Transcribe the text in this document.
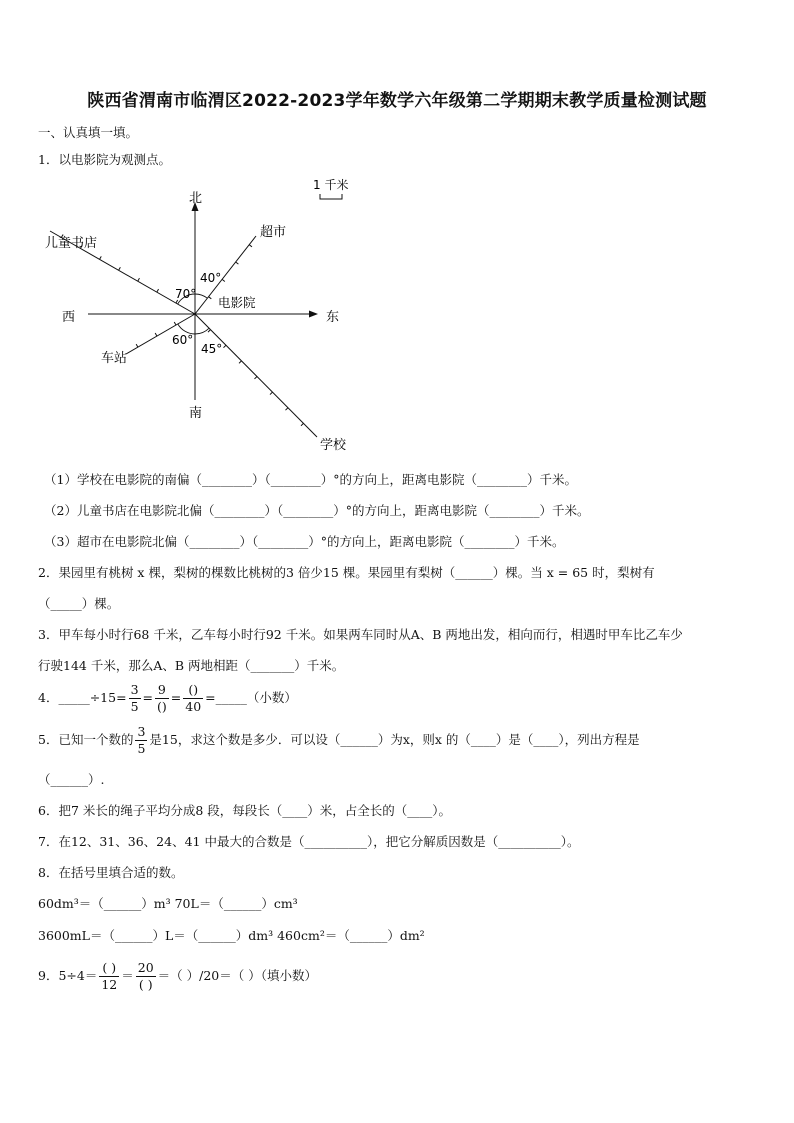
陕西省渭南市临渭区2022-2023学年数学六年级第二学期期末教学质量检测试题
一、认真填一填。
1．以电影院为观测点。
北
南
西	东
电影院
1 千米
超市
儿童书店
车站
学校
40°
70°
60°
45°
（1）学校在电影院的南偏（________）（________）°的方向上，距离电影院（________）千米。
（2）儿童书店在电影院北偏（________）（________）°的方向上，距离电影院（________）千米。
（3）超市在电影院北偏（________）（________）°的方向上，距离电影院（________）千米。
2．果园里有桃树 x 棵，梨树的棵数比桃树的3 倍少15 棵。果园里有梨树（______）棵。当 x = 65 时，梨树有
（_____）棵。
3．甲车每小时行68 千米，乙车每小时行92 千米。如果两车同时从A、B 两地出发，相向而行，相遇时甲车比乙车少
行驶144 千米，那么A、B 两地相距（_______）千米。
4．_____÷15= $\frac{3}{5} = \frac{9}{()} = \frac{()}{40}$ =_____（小数）
5．已知一个数的 $\frac{3}{5}$ 是15，求这个数是多少．可以设（______）为x，则x 的（____）是（____），列出方程是
（______）.
6．把7 米长的绳子平均分成8 段，每段长（____）米，占全长的（____）。
7．在12、31、36、24、41 中最大的合数是（__________），把它分解质因数是（__________）。
8．在括号里填合适的数。
60dm³＝（______）m³ 70L＝（______）cm³
3600mL＝（______）L＝（______）dm³ 460cm²＝（______）dm²
9．$5\div 4= \frac{( )}{12} = \frac{20}{( )}$ ＝（ ）/20＝（ ）（填小数）
